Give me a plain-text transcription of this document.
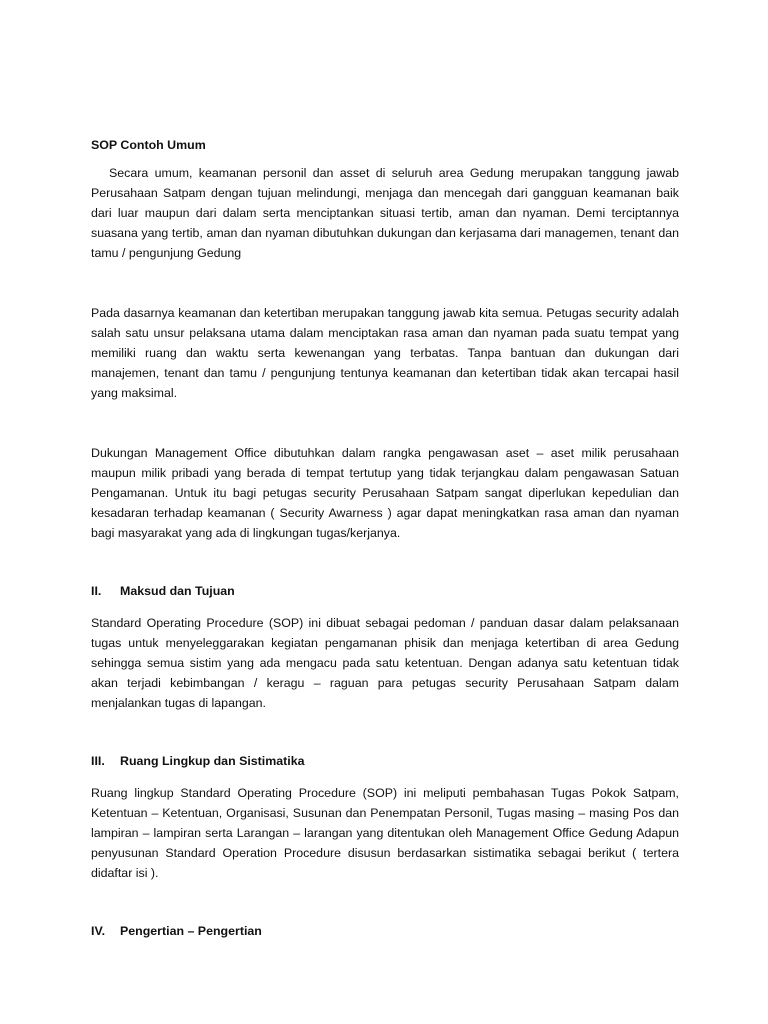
SOP Contoh Umum

Secara umum, keamanan personil dan asset di seluruh area Gedung merupakan tanggung jawab Perusahaan Satpam dengan tujuan melindungi, menjaga dan mencegah dari gangguan keamanan baik dari luar maupun dari dalam serta menciptankan situasi tertib, aman dan nyaman. Demi terciptannya suasana yang tertib, aman dan nyaman dibutuhkan dukungan dan kerjasama dari managemen, tenant dan tamu / pengunjung Gedung

Pada dasarnya keamanan dan ketertiban merupakan tanggung jawab kita semua. Petugas security adalah salah satu unsur pelaksana utama dalam menciptakan rasa aman dan nyaman pada suatu tempat yang memiliki ruang dan waktu serta kewenangan yang terbatas. Tanpa bantuan dan dukungan dari manajemen, tenant dan tamu / pengunjung tentunya keamanan dan ketertiban tidak akan tercapai hasil yang maksimal.

Dukungan Management Office dibutuhkan dalam rangka pengawasan aset – aset milik perusahaan maupun milik pribadi yang berada di tempat tertutup yang tidak terjangkau dalam pengawasan Satuan Pengamanan. Untuk itu bagi petugas security Perusahaan Satpam sangat diperlukan kepedulian dan kesadaran terhadap keamanan ( Security Awarness ) agar dapat meningkatkan rasa aman dan nyaman bagi masyarakat yang ada di lingkungan tugas/kerjanya.

II.	Maksud dan Tujuan

Standard Operating Procedure (SOP) ini dibuat sebagai pedoman / panduan dasar dalam pelaksanaan tugas untuk menyeleggarakan kegiatan pengamanan phisik dan menjaga ketertiban di area Gedung sehingga semua sistim yang ada mengacu pada satu ketentuan. Dengan adanya satu ketentuan tidak akan terjadi kebimbangan / keragu – raguan para petugas security Perusahaan Satpam dalam menjalankan tugas di lapangan.

III.	Ruang Lingkup dan Sistimatika

Ruang lingkup Standard Operating Procedure (SOP) ini meliputi pembahasan Tugas Pokok Satpam, Ketentuan – Ketentuan, Organisasi, Susunan dan Penempatan Personil, Tugas masing – masing Pos dan lampiran – lampiran serta Larangan – larangan yang ditentukan oleh Management Office Gedung Adapun penyusunan Standard Operation Procedure disusun berdasarkan sistimatika sebagai berikut ( tertera didaftar isi ).

IV.	Pengertian – Pengertian
